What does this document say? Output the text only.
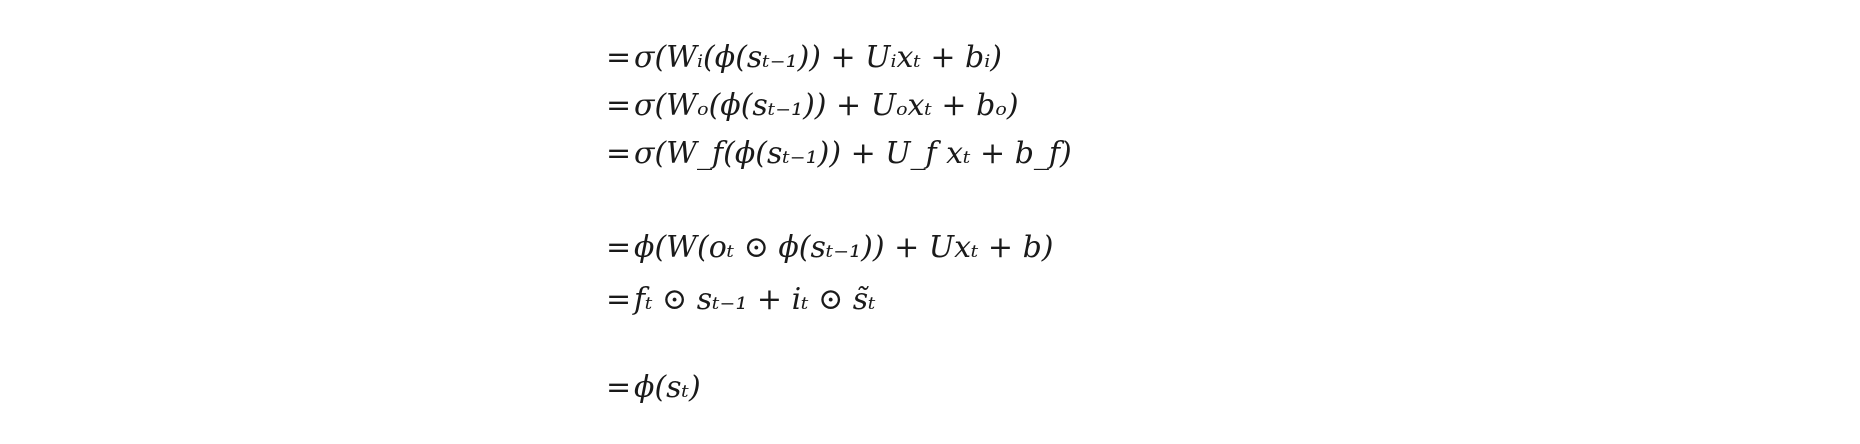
= σ(Wᵢ(ϕ(sₜ₋₁)) + Uᵢxₜ + bᵢ)
= σ(Wₒ(ϕ(sₜ₋₁)) + Uₒxₜ + bₒ)
= σ(W_f(ϕ(sₜ₋₁)) + U_f xₜ + b_f)
= ϕ(W(oₜ ⊙ ϕ(sₜ₋₁)) + Uxₜ + b)
= fₜ ⊙ sₜ₋₁ + iₜ ⊙ s̃ₜ
= ϕ(sₜ)
